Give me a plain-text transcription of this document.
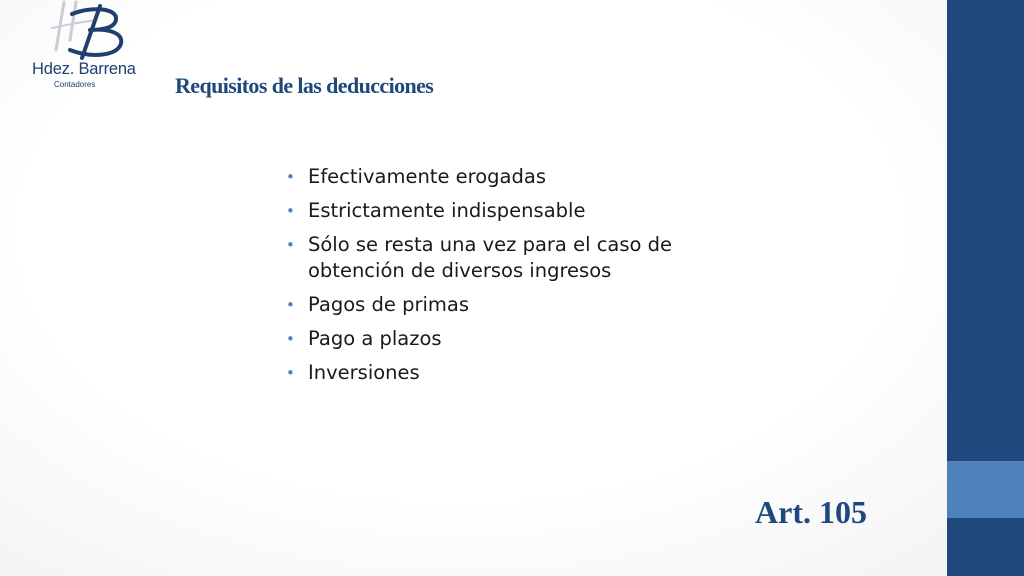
Hdez. Barrena
Contadores	Requisitos de las deducciones
• Efectivamente erogadas
• Estrictamente indispensable
• Sólo se resta una vez para el caso de obtención de diversos ingresos
• Pagos de primas
• Pago a plazos
• Inversiones
Art. 105
